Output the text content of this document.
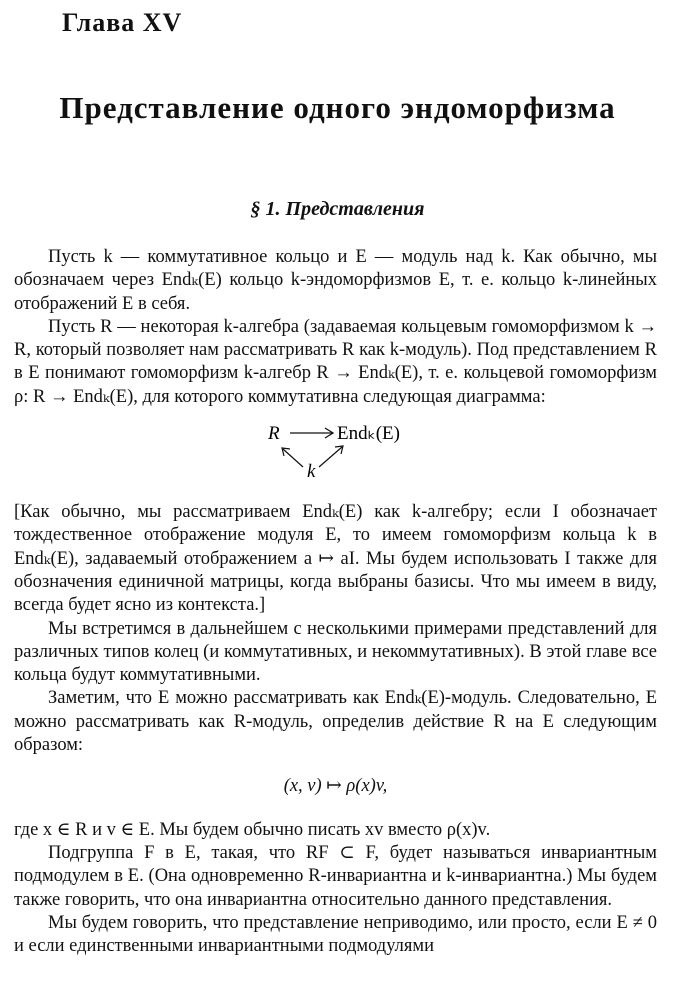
Глава XV
Представление одного эндоморфизма
§ 1. Представления

Пусть k — коммутативное кольцо и E — модуль над k. Как обычно, мы обозначаем через Endₖ(E) кольцо k-эндоморфизмов E, т. е. кольцо k-линейных отображений E в себя.

Пусть R — некоторая k-алгебра (задаваемая кольцевым гомоморфизмом k → R, который позволяет нам рассматривать R как k-модуль). Под представлением R в E понимают гомоморфизм k-алгебр R → Endₖ(E), т. е. кольцевой гомоморфизм ρ: R → Endₖ(E), для которого коммутативна следующая диаграмма:

R	Endₖ(E)
k

[Как обычно, мы рассматриваем Endₖ(E) как k-алгебру; если I обозначает тождественное отображение модуля E, то имеем гомоморфизм кольца k в Endₖ(E), задаваемый отображением a ↦ aI. Мы будем использовать I также для обозначения единичной матрицы, когда выбраны базисы. Что мы имеем в виду, всегда будет ясно из контекста.]

Мы встретимся в дальнейшем с несколькими примерами представлений для различных типов колец (и коммутативных, и некоммутативных). В этой главе все кольца будут коммутативными.

Заметим, что E можно рассматривать как Endₖ(E)-модуль. Следовательно, E можно рассматривать как R-модуль, определив действие R на E следующим образом:

(x, v) ↦ ρ(x)v,

где x ∈ R и v ∈ E. Мы будем обычно писать xv вместо ρ(x)v.

Подгруппа F в E, такая, что RF ⊂ F, будет называться инвариантным подмодулем в E. (Она одновременно R-инвариантна и k-инвариантна.) Мы будем также говорить, что она инвариантна относительно данного представления.

Мы будем говорить, что представление неприводимо, или просто, если E ≠ 0 и если единственными инвариантными подмодулями
